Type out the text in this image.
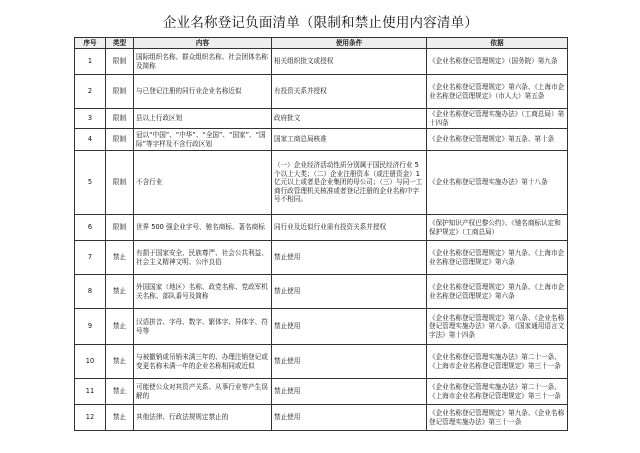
企业名称登记负面清单（限制和禁止使用内容清单）
序号	类型	内容	使用条件	依据
1	限制	国际组织名称、群众组织名称、社会团体名称及简称	相关组织批文或授权	《企业名称登记管理规定》（国务院）第九条
2	限制	与已登记注册的同行业企业名称近似	有投资关系并授权	《企业名称登记管理规定》第六条、《上海市企业名称登记管理规定》（市人大）第五条
3	限制	县以上行政区划	政府批文	《企业名称登记管理实施办法》（工商总局）第十四条
4	限制	冠以“中国”、“中华”、“全国”、“国家”、“国际”等字样及不含行政区划	国家工商总局核准	《企业名称登记管理规定》第五条、第十条
5	限制	不含行业	（一）企业经济活动性质分别属于国民经济行业 5 个以上大类；（二）企业注册资本（或注册资金）1 亿元以上或者是企业集团的母公司；（三）与同一工商行政管理机关核准或者登记注册的企业名称中字号不相同。	《企业名称登记管理实施办法》第十八条
6	限制	世界 500 强企业字号、驰名商标、著名商标	同行业及近似行业需有投资关系并授权	《保护知识产权巴黎公约》、《驰名商标认定和保护规定》（工商总局）
7	禁止	有损于国家安全、民族尊严、社会公共利益、社会主义精神文明、公序良俗	禁止使用	《企业名称登记管理规定》第九条、《上海市企业名称登记管理规定》第六条
8	禁止	外国国家（地区）名称、政党名称、党政军机关名称、部队番号及简称	禁止使用	《企业名称登记管理规定》第九条、《上海市企业名称登记管理规定》第六条
9	禁止	汉语拼音、字母、数字、繁体字、异体字、符号等	禁止使用	《企业名称登记管理规定》第八条、《企业名称登记管理实施办法》第八条、《国家通用语言文字法》第十四条
10	禁止	与被撤销或吊销未满三年的、办理注销登记或变更名称未满一年的企业名称相同或近似	禁止使用	《企业名称登记管理实施办法》第二十一条、《上海市企业名称登记管理规定》第三十一条
11	禁止	可能使公众对其资产关系、从事行业等产生误解的	禁止使用	《企业名称登记管理实施办法》第二十一条、《上海市企业名称登记管理规定》第三十一条
12	禁止	其他法律、行政法规规定禁止的	禁止使用	《企业名称登记管理规定》第九条、《企业名称登记管理实施办法》第三十一条
